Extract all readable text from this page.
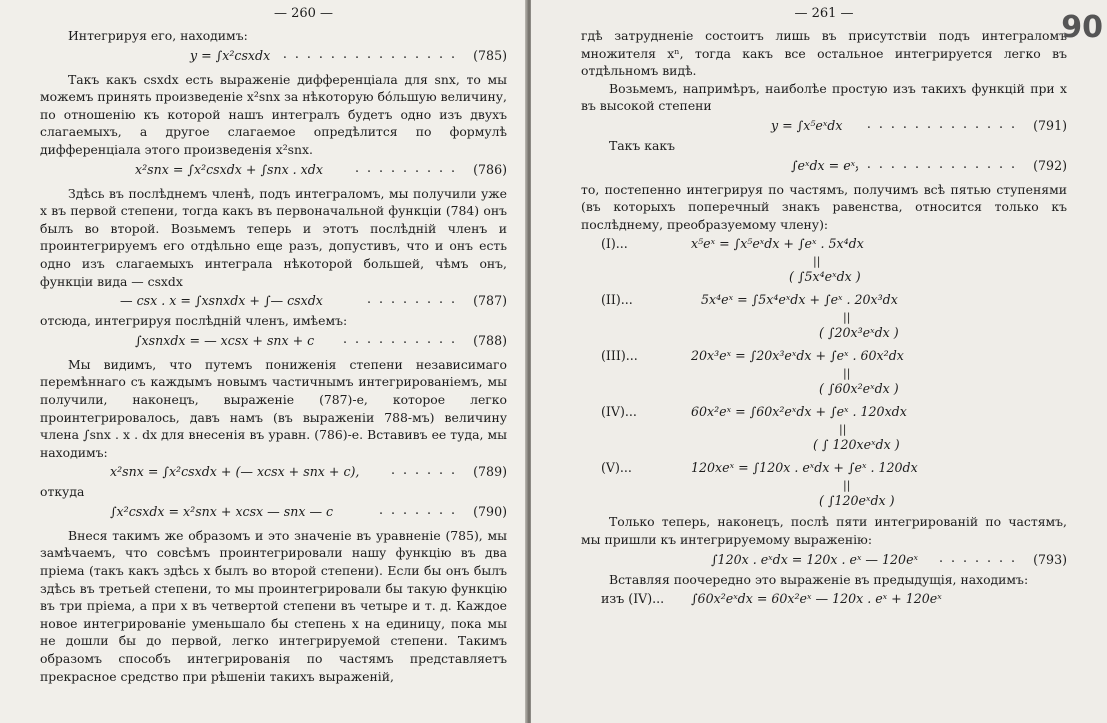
— 260 —

Интегрируя его, находимъ:

y = ∫x²csxdx . . . . . . . . . . . . . . . (785)

Такъ какъ csxdx есть выраженіе дифференціала для snx, то мы можемъ принять произведеніе x²snx за нѣкоторую бо́льшую величину, по отношенію къ которой нашъ интегралъ будетъ одно изъ двухъ слагаемыхъ, а другое слагаемое опредѣлится по формулѣ дифференціала этого произведенія x²snx.

x²snx = ∫x²csxdx + ∫snx . xdx	. . . . . . . . . (786)

Здѣсь въ послѣднемъ членѣ, подъ интеграломъ, мы получили уже x въ первой степени, тогда какъ въ первоначальной функціи (784) онъ былъ во второй. Возьмемъ теперь и этотъ послѣдній членъ и проинтегрируемъ его отдѣльно еще разъ, допустивъ, что и онъ есть одно изъ слагаемыхъ интеграла нѣкоторой большей, чѣмъ онъ, функціи вида — csxdx

— csx . x = ∫xsnxdx + ∫— csxdx	. . . . . . . . (787)

отсюда, интегрируя послѣдній членъ, имѣемъ:

∫xsnxdx = — xcsx + snx + c . . . . . . . . . . (788)

Мы видимъ, что путемъ пониженія степени независимаго перемѣннаго съ каждымъ новымъ частичнымъ интегрированіемъ, мы получили, наконецъ, выраженіе (787)-е, которое легко проинтегрировалось, давъ намъ (въ выраженіи 788-мъ) величину члена ∫snx . x . dx для внесенія въ уравн. (786)-е. Вставивъ ее туда, мы находимъ:

x²snx = ∫x²csxdx + (— xcsx + snx + c),	. . . . . . (789)

откуда

∫x²csxdx = x²snx + xcsx — snx — c	. . . . . . . (790)

Внеся такимъ же образомъ и это значеніе въ уравненіе (785), мы замѣчаемъ, что совсѣмъ проинтегрировали нашу функцію въ два пріема (такъ какъ здѣсь x былъ во второй степени). Если бы онъ былъ здѣсь въ третьей степени, то мы проинтегрировали бы такую функцію въ три пріема, а при x въ четвертой степени въ четыре и т. д. Каждое новое интегрированіе уменьшало бы степень x на единицу, пока мы не дошли бы до первой, легко интегрируемой степени. Такимъ образомъ способъ интегрированія по частямъ представляетъ прекрасное средство при рѣшеніи такихъ выраженій,

90
— 261 —

гдѣ затрудненіе состоитъ лишь въ присутствіи подъ интеграломъ множителя xⁿ, тогда какъ все остальное интегрируется легко въ отдѣльномъ видѣ.

Возьмемъ, напримѣръ, наиболѣе простую изъ такихъ функцій при x въ высокой степени

y = ∫x⁵eˣdx . . . . . . . . . . . . . (791)

Такъ какъ

∫eˣdx = eˣ,
. . . . . . . . . . . . . . . (792)

то, постепенно интегрируя по частямъ, получимъ всѣ пятью ступенями (въ которыхъ поперечный знакъ равенства, относится только къ послѣднему, преобразуемому члену):

(I)...	x⁵eˣ = ∫x⁵eˣdx + ∫eˣ . 5x⁴dx
||
( ∫5x⁴eˣdx )
(II)...	5x⁴eˣ = ∫5x⁴eˣdx + ∫eˣ . 20x³dx
||
( ∫20x³eˣdx )
(III)...	20x³eˣ = ∫20x³eˣdx + ∫eˣ . 60x²dx
||
( ∫60x²eˣdx )
(IV)...	60x²eˣ = ∫60x²eˣdx + ∫eˣ . 120xdx
||
( ∫ 120xeˣdx )
(V)...	120xeˣ = ∫120x . eˣdx + ∫eˣ . 120dx
||
( ∫120eˣdx )

Только теперь, наконецъ, послѣ пяти интегрированій по частямъ, мы пришли къ интегрируемому выраженію:

∫120x . eˣdx = 120x . eˣ — 120eˣ . . . . . . . (793)

Вставляя поочередно это выраженіе въ предыдущія, находимъ:

изъ (IV)... ∫60x²eˣdx = 60x²eˣ — 120x . eˣ + 120eˣ
